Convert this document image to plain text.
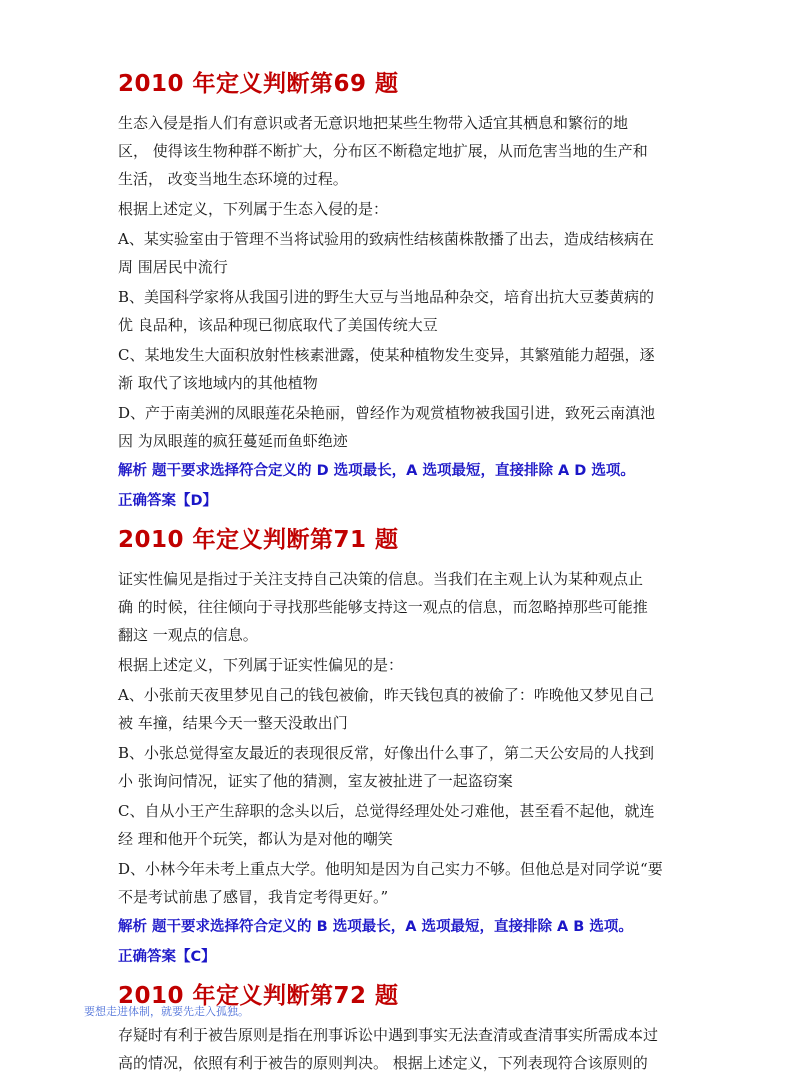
2010 年定义判断第69 题
生态入侵是指人们有意识或者无意识地把某些生物带入适宜其栖息和繁衍的地
区， 使得该生物种群不断扩大，分布区不断稳定地扩展，从而危害当地的生产和
生活， 改变当地生态环境的过程。
根据上述定义，下列属于生态入侵的是：
A、某实验室由于管理不当将试验用的致病性结核菌株散播了出去，造成结核病在
周 围居民中流行
B、美国科学家将从我国引进的野生大豆与当地品种杂交，培育出抗大豆萎黄病的
优 良品种，该品种现已彻底取代了美国传统大豆
C、某地发生大面积放射性核素泄露，使某种植物发生变异，其繁殖能力超强，逐
渐 取代了该地域内的其他植物
D、产于南美洲的凤眼莲花朵艳丽，曾经作为观赏植物被我国引进，致死云南滇池
因 为凤眼莲的疯狂蔓延而鱼虾绝迹
解析 题干要求选择符合定义的 D 选项最长，A 选项最短，直接排除 A D 选项。
正确答案【D】
2010 年定义判断第71 题
证实性偏见是指过于关注支持自己决策的信息。当我们在主观上认为某种观点止
确 的时候，往往倾向于寻找那些能够支持这一观点的信息，而忽略掉那些可能推
翻这 一观点的信息。
根据上述定义，下列属于证实性偏见的是：
A、小张前天夜里梦见自己的钱包被偷，昨天钱包真的被偷了：咋晚他又梦见自己
被 车撞，结果今天一整天没敢出门
B、小张总觉得室友最近的表现很反常，好像出什么事了，第二天公安局的人找到
小 张询问情况，证实了他的猜测，室友被扯进了一起盗窃案
C、自从小王产生辞职的念头以后，总觉得经理处处刁难他，甚至看不起他，就连
经 理和他开个玩笑，都认为是对他的嘲笑
D、小林今年未考上重点大学。他明知是因为自己实力不够。但他总是对同学说“要
不是考试前患了感冒，我肯定考得更好。”
解析 题干要求选择符合定义的 B 选项最长，A 选项最短，直接排除 A B 选项。
正确答案【C】
2010 年定义判断第72 题
存疑时有利于被告原则是指在刑事诉讼中遇到事实无法查清或查清事实所需成本过
高的情况，依照有利于被告的原则判决。 根据上述定义，下列表现符合该原则的
要想走进体制，就要先走入孤独。
